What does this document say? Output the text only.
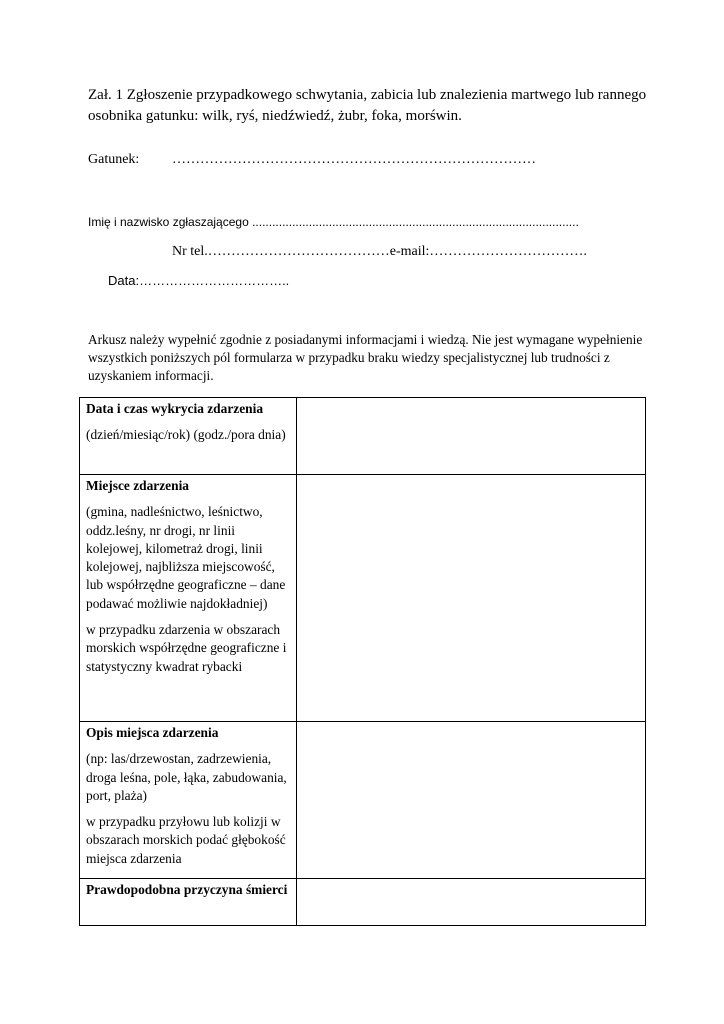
Zał. 1 Zgłoszenie przypadkowego schwytania, zabicia lub znalezienia martwego lub rannego osobnika gatunku: wilk, ryś, niedźwiedź, żubr, foka, morświn.
Gatunek: ……………………………………………………………………
Imię i nazwisko zgłaszającego ..................................................................................................
Nr tel.…………………………………e-mail:…………………………….
Data:……………………………..
Arkusz należy wypełnić zgodnie z posiadanymi informacjami i wiedzą. Nie jest wymagane wypełnienie wszystkich poniższych pól formularza w przypadku braku wiedzy specjalistycznej lub trudności z uzyskaniem informacji.
Data i czas wykrycia zdarzenia
(dzień/miesiąc/rok) (godz./pora dnia)	

Miejsce zdarzenia
(gmina, nadleśnictwo, leśnictwo, oddz.leśny, nr drogi, nr linii kolejowej, kilometraż drogi, linii kolejowej, najbliższa miejscowość, lub współrzędne geograficzne – dane podawać możliwie najdokładniej)
w przypadku zdarzenia w obszarach morskich współrzędne geograficzne i statystyczny kwadrat rybacki	

Opis miejsca zdarzenia
(np: las/drzewostan, zadrzewienia, droga leśna, pole, łąka, zabudowania, port, plaża)
w przypadku przyłowu lub kolizji w obszarach morskich podać głębokość miejsca zdarzenia	

Prawdopodobna przyczyna śmierci	
